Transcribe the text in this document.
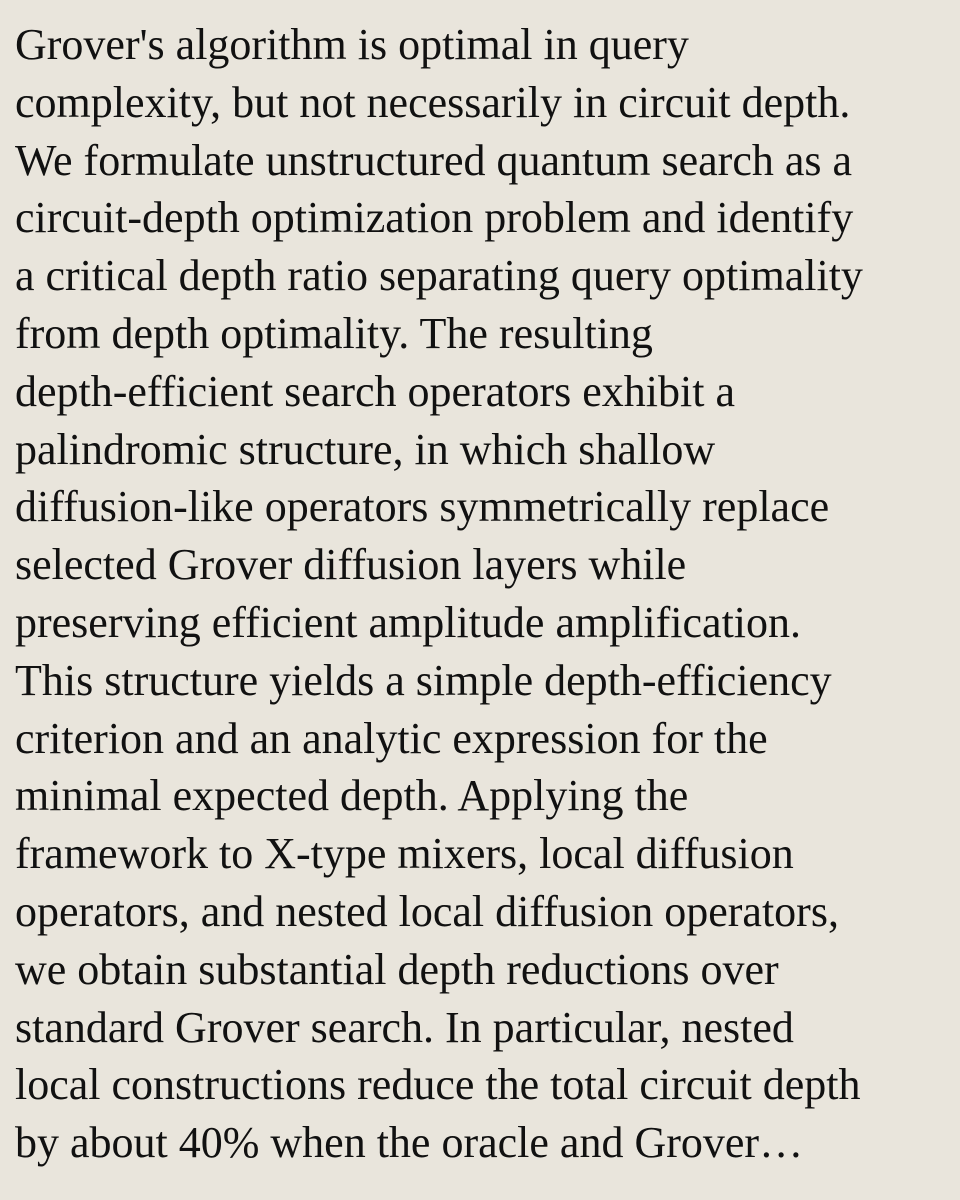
Grover's algorithm is optimal in query
complexity, but not necessarily in circuit depth.
We formulate unstructured quantum search as a
circuit-depth optimization problem and identify
a critical depth ratio separating query optimality
from depth optimality. The resulting
depth-efficient search operators exhibit a
palindromic structure, in which shallow
diffusion-like operators symmetrically replace
selected Grover diffusion layers while
preserving efficient amplitude amplification.
This structure yields a simple depth-efficiency
criterion and an analytic expression for the
minimal expected depth. Applying the
framework to X-type mixers, local diffusion
operators, and nested local diffusion operators,
we obtain substantial depth reductions over
standard Grover search. In particular, nested
local constructions reduce the total circuit depth
by about 40% when the oracle and Grover…
